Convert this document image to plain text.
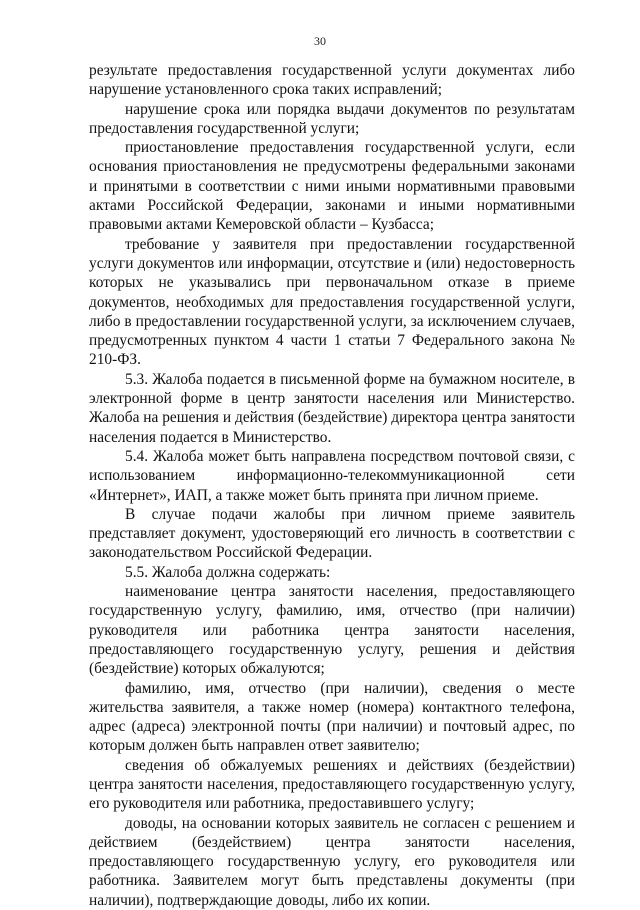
30

результате предоставления государственной услуги документах либо нарушение установленного срока таких исправлений;

нарушение срока или порядка выдачи документов по результатам предоставления государственной услуги;

приостановление предоставления государственной услуги, если основания приостановления не предусмотрены федеральными законами и принятыми в соответствии с ними иными нормативными правовыми актами Российской Федерации, законами и иными нормативными правовыми актами Кемеровской области – Кузбасса;

требование у заявителя при предоставлении государственной услуги документов или информации, отсутствие и (или) недостоверность которых не указывались при первоначальном отказе в приеме документов, необходимых для предоставления государственной услуги, либо в предоставлении государственной услуги, за исключением случаев, предусмотренных пунктом 4 части 1 статьи 7 Федерального закона № 210-ФЗ.

5.3. Жалоба подается в письменной форме на бумажном носителе, в электронной форме в центр занятости населения или Министерство. Жалоба на решения и действия (бездействие) директора центра занятости населения подается в Министерство.

5.4. Жалоба может быть направлена посредством почтовой связи, с использованием информационно-телекоммуникационной сети «Интернет», ИАП, а также может быть принята при личном приеме.

В случае подачи жалобы при личном приеме заявитель представляет документ, удостоверяющий его личность в соответствии с законодательством Российской Федерации.

5.5. Жалоба должна содержать:

наименование центра занятости населения, предоставляющего государственную услугу, фамилию, имя, отчество (при наличии) руководителя или работника центра занятости населения, предоставляющего государственную услугу, решения и действия (бездействие) которых обжалуются;

фамилию, имя, отчество (при наличии), сведения о месте жительства заявителя, а также номер (номера) контактного телефона, адрес (адреса) электронной почты (при наличии) и почтовый адрес, по которым должен быть направлен ответ заявителю;

сведения об обжалуемых решениях и действиях (бездействии) центра занятости населения, предоставляющего государственную услугу, его руководителя или работника, предоставившего услугу;

доводы, на основании которых заявитель не согласен с решением и действием (бездействием) центра занятости населения, предоставляющего государственную услугу, его руководителя или работника. Заявителем могут быть представлены документы (при наличии), подтверждающие доводы, либо их копии.
